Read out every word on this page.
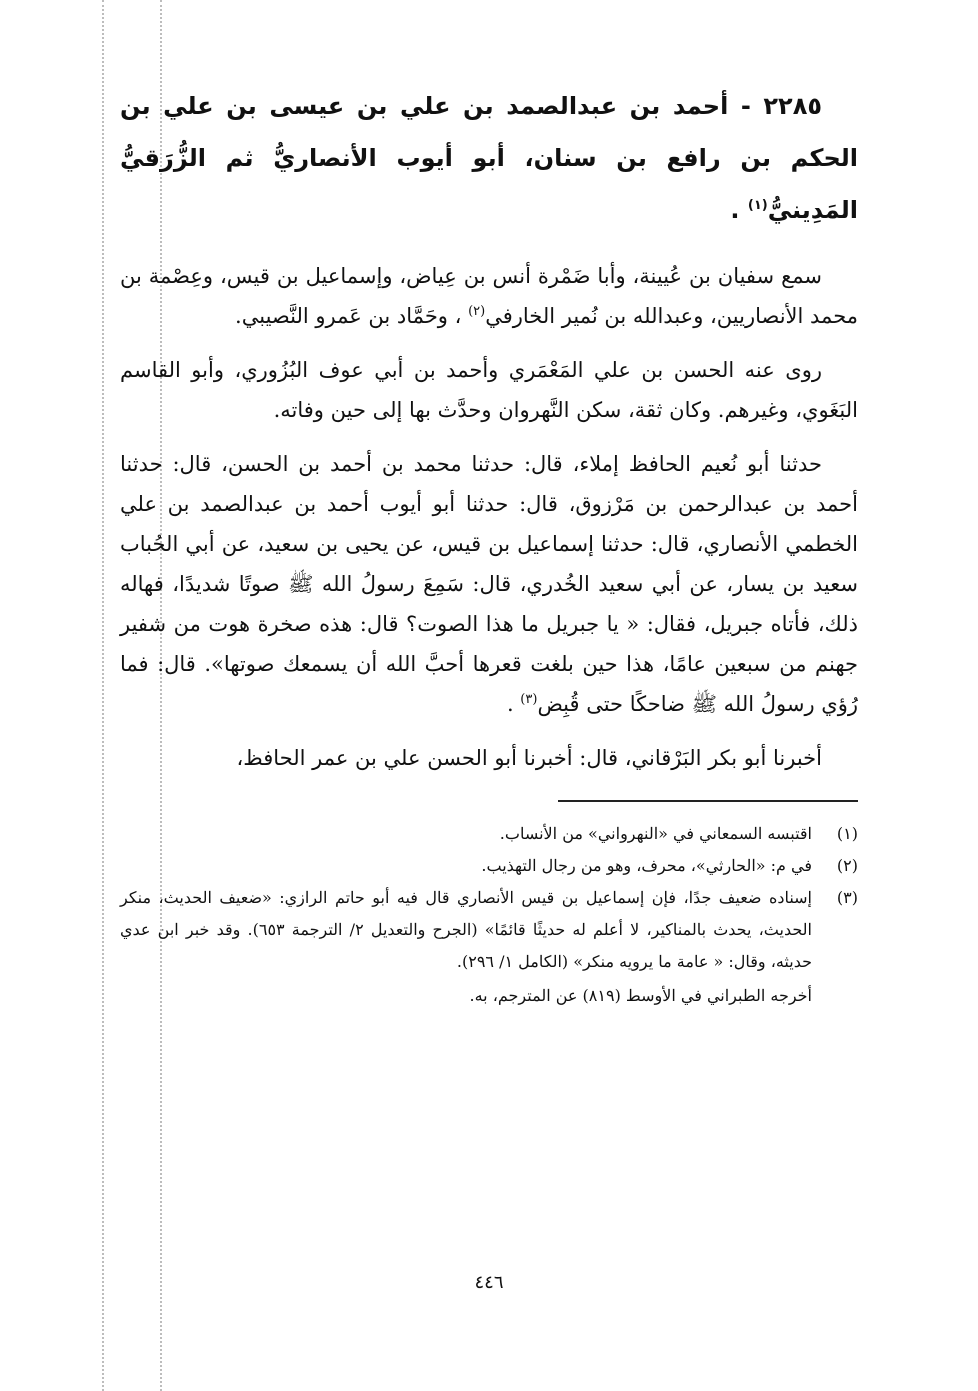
٢٢٨٥ - أحمد بن عبدالصمد بن علي بن عيسى بن علي بن الحكم بن رافع بن سنان، أبو أيوب الأنصاريُّ ثم الزُّرَقيُّ المَدِينيُّ$^{(١)}$ .

سمع سفيان بن عُيينة، وأبا ضَمْرة أنس بن عِياض، وإسماعيل بن قيس، وعِصْمة بن محمد الأنصاريين، وعبدالله بن نُمير الخارفي$^{(٢)}$ ، وحَمَّاد بن عَمرو النَّصيبي.

روى عنه الحسن بن علي المَعْمَري وأحمد بن أبي عوف البُزُوري، وأبو القاسم البَغَوي، وغيرهم. وكان ثقة، سكن النَّهروان وحدَّث بها إلى حين وفاته.

حدثنا أبو نُعيم الحافظ إملاء، قال: حدثنا محمد بن أحمد بن الحسن، قال: حدثنا أحمد بن عبدالرحمن بن مَرْزوق، قال: حدثنا أبو أيوب أحمد بن عبدالصمد بن علي الخطمي الأنصاري، قال: حدثنا إسماعيل بن قيس، عن يحيى بن سعيد، عن أبي الحُباب سعيد بن يسار، عن أبي سعيد الخُدري، قال: سَمِعَ رسولُ الله ﷺ صوتًا شديدًا، فهاله ذلك، فأتاه جبريل، فقال: « يا جبريل ما هذا الصوت؟ قال: هذه صخرة هوت من شفير جهنم من سبعين عامًا، هذا حين بلغت قعرها أحبَّ الله أن يسمعك صوتها». قال: فما رُؤي رسولُ الله ﷺ ضاحكًا حتى قُبِض$^{(٣)}$ .

أخبرنا أبو بكر البَرْقاني، قال: أخبرنا أبو الحسن علي بن عمر الحافظ،

(١)
اقتبسه السمعاني في «النهرواني» من الأنساب.
(٢)
في م: «الحارثي»، محرف، وهو من رجال التهذيب.
(٣)
إسناده ضعيف جدًا، فإن إسماعيل بن قيس الأنصاري قال فيه أبو حاتم الرازي: «ضعيف الحديث، منكر الحديث، يحدث بالمناكير، لا أعلم له حديثًا قائمًا» (الجرح والتعديل ٢/ الترجمة ٦٥٣). وقد خبر ابن عدي حديثه، وقال: « عامة ما يرويه منكر» (الكامل ١/ ٢٩٦).
أخرجه الطبراني في الأوسط (٨١٩) عن المترجم، به.
٤٤٦
